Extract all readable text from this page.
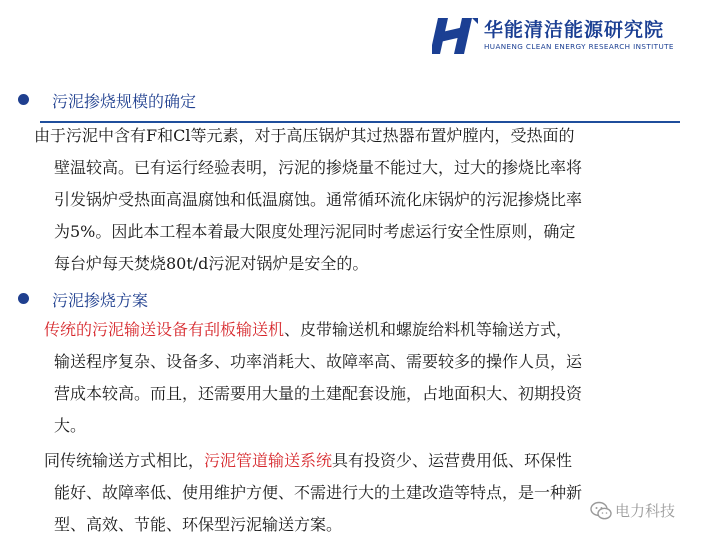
华能清洁能源研究院
HUANENG CLEAN ENERGY RESEARCH INSTITUTE
污泥掺烧规模的确定
由于污泥中含有F和Cl等元素，对于高压锅炉其过热器布置炉膛内，受热面的
壁温较高。已有运行经验表明，污泥的掺烧量不能过大，过大的掺烧比率将
引发锅炉受热面高温腐蚀和低温腐蚀。通常循环流化床锅炉的污泥掺烧比率
为5%。因此本工程本着最大限度处理污泥同时考虑运行安全性原则，确定
每台炉每天焚烧80t/d污泥对锅炉是安全的。
污泥掺烧方案
传统的污泥输送设备有刮板输送机、皮带输送机和螺旋给料机等输送方式，
输送程序复杂、设备多、功率消耗大、故障率高、需要较多的操作人员，运
营成本较高。而且，还需要用大量的土建配套设施，占地面积大、初期投资
大。
同传统输送方式相比，污泥管道输送系统具有投资少、运营费用低、环保性
能好、故障率低、使用维护方便、不需进行大的土建改造等特点，是一种新
型、高效、节能、环保型污泥输送方案。
电力科技
